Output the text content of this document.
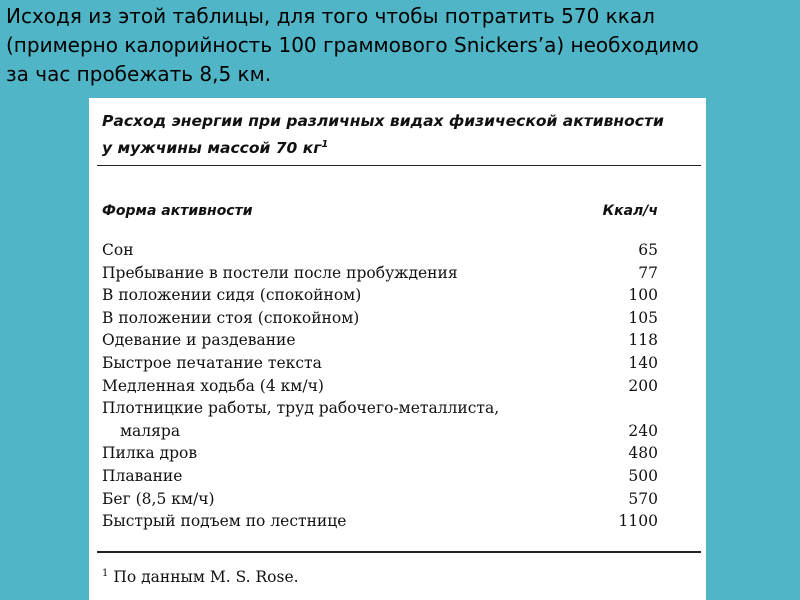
Исходя из этой таблицы, для того чтобы потратить 570 ккал
(примерно калорийность 100 граммового Snickers’а) необходимо
за час пробежать 8,5 км.
Расход энергии при различных видах физической активности
у мужчины массой 70 $кг^1$
Форма активности	Ккал/ч
Сон	65
Пребывание в постели после пробуждения	77
В положении сидя (спокойном)	100
В положении стоя (спокойном)	105
Одевание и раздевание	118
Быстрое печатание текста	140
Медленная ходьба (4 км/ч)	200
Плотницкие работы, труд рабочего-металлиста,
маляра	240
Пилка дров	480
Плавание	500
Бег (8,5 км/ч)	570
Быстрый подъем по лестнице	1100
$^1$ По данным M. S. Rose.
